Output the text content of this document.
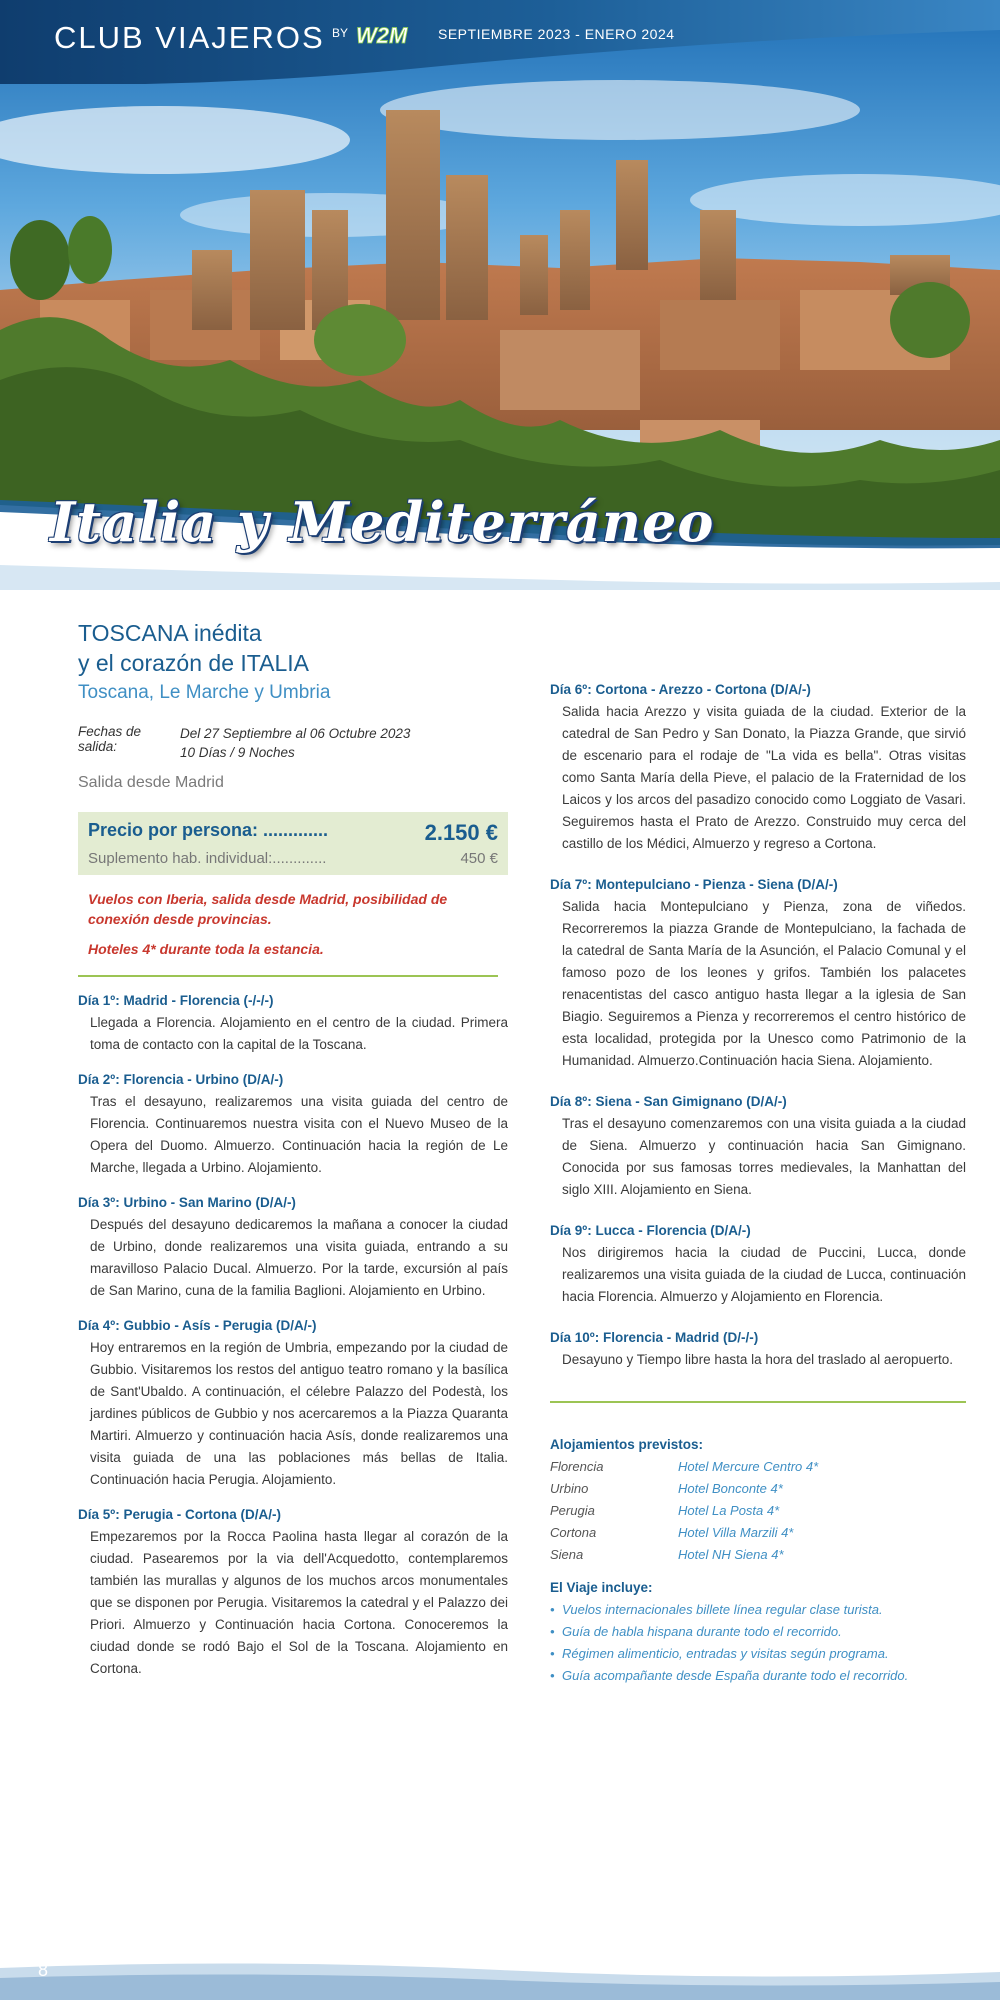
CLUB VIAJEROS BY W2M SEPTIEMBRE 2023 - ENERO 2024
Italia y Mediterráneo
TOSCANA inédita
y el corazón de ITALIA
Toscana, Le Marche y Umbria
Fechas de salida:
Del 27 Septiembre al 06 Octubre 2023
10 Días / 9 Noches
Salida desde Madrid
Precio por persona: .............	2.150 €
Suplemento hab. individual:.............	450 €

Vuelos con Iberia, salida desde Madrid, posibilidad de conexión desde provincias.

Hoteles 4* durante toda la estancia.

Día 1º: Madrid - Florencia (-/-/-)
Llegada a Florencia. Alojamiento en el centro de la ciudad. Primera toma de contacto con la capital de la Toscana.
Día 2º: Florencia - Urbino (D/A/-)
Tras el desayuno, realizaremos una visita guiada del centro de Florencia. Continuaremos nuestra visita con el Nuevo Museo de la Opera del Duomo. Almuerzo. Continuación hacia la región de Le Marche, llegada a Urbino. Alojamiento.
Día 3º: Urbino - San Marino (D/A/-)
Después del desayuno dedicaremos la mañana a conocer la ciudad de Urbino, donde realizaremos una visita guiada, entrando a su maravilloso Palacio Ducal. Almuerzo. Por la tarde, excursión al país de San Marino, cuna de la familia Baglioni. Alojamiento en Urbino.
Día 4º: Gubbio - Asís - Perugia (D/A/-)
Hoy entraremos en la región de Umbria, empezando por la ciudad de Gubbio. Visitaremos los restos del antiguo teatro romano y la basílica de Sant'Ubaldo. A continuación, el célebre Palazzo del Podestà, los jardines públicos de Gubbio y nos acercaremos a la Piazza Quaranta Martiri. Almuerzo y continuación hacia Asís, donde realizaremos una visita guiada de una las poblaciones más bellas de Italia. Continuación hacia Perugia. Alojamiento.
Día 5º: Perugia - Cortona (D/A/-)
Empezaremos por la Rocca Paolina hasta llegar al corazón de la ciudad. Pasearemos por la via dell'Acquedotto, contemplaremos también las murallas y algunos de los muchos arcos monumentales que se disponen por Perugia. Visitaremos la catedral y el Palazzo dei Priori. Almuerzo y Continuación hacia Cortona. Conoceremos la ciudad donde se rodó Bajo el Sol de la Toscana. Alojamiento en Cortona.
Día 6º: Cortona - Arezzo - Cortona (D/A/-)
Salida hacia Arezzo y visita guiada de la ciudad. Exterior de la catedral de San Pedro y San Donato, la Piazza Grande, que sirvió de escenario para el rodaje de "La vida es bella". Otras visitas como Santa María della Pieve, el palacio de la Fraternidad de los Laicos y los arcos del pasadizo conocido como Loggiato de Vasari. Seguiremos hasta el Prato de Arezzo. Construido muy cerca del castillo de los Médici, Almuerzo y regreso a Cortona.
Día 7º: Montepulciano - Pienza - Siena (D/A/-)
Salida hacia Montepulciano y Pienza, zona de viñedos. Recorreremos la piazza Grande de Montepulciano, la fachada de la catedral de Santa María de la Asunción, el Palacio Comunal y el famoso pozo de los leones y grifos. También los palacetes renacentistas del casco antiguo hasta llegar a la iglesia de San Biagio. Seguiremos a Pienza y recorreremos el centro histórico de esta localidad, protegida por la Unesco como Patrimonio de la Humanidad. Almuerzo.Continuación hacia Siena. Alojamiento.
Día 8º: Siena - San Gimignano (D/A/-)
Tras el desayuno comenzaremos con una visita guiada a la ciudad de Siena. Almuerzo y continuación hacia San Gimignano. Conocida por sus famosas torres medievales, la Manhattan del siglo XIII. Alojamiento en Siena.
Día 9º: Lucca - Florencia (D/A/-)
Nos dirigiremos hacia la ciudad de Puccini, Lucca, donde realizaremos una visita guiada de la ciudad de Lucca, continuación hacia Florencia. Almuerzo y Alojamiento en Florencia.
Día 10º: Florencia - Madrid (D/-/-)
Desayuno y Tiempo libre hasta la hora del traslado al aeropuerto.
Alojamientos previstos:
Florencia	Hotel Mercure Centro 4*
Urbino	Hotel Bonconte 4*
Perugia	Hotel La Posta 4*
Cortona	Hotel Villa Marzili 4*
Siena	Hotel NH Siena 4*
El Viaje incluye:
• Vuelos internacionales billete línea regular clase turista.
• Guía de habla hispana durante todo el recorrido.
• Régimen alimenticio, entradas y visitas según programa.
• Guía acompañante desde España durante todo el recorrido.
8
